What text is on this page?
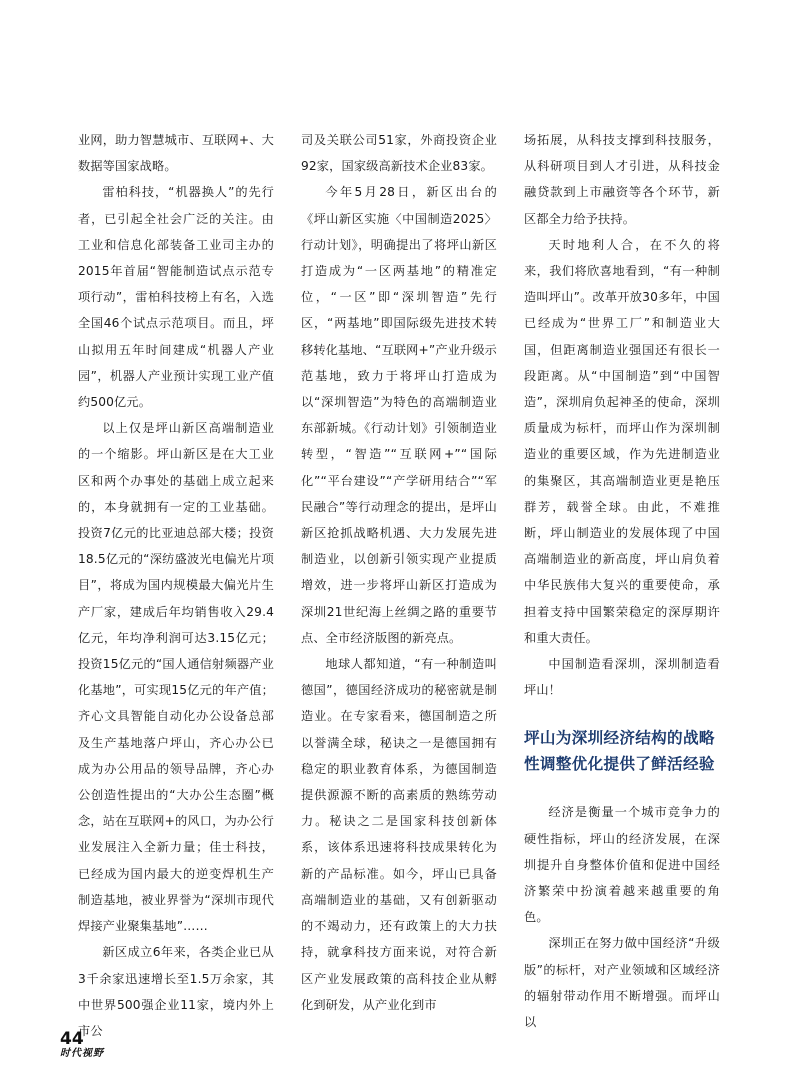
业网，助力智慧城市、互联网+、大数据等国家战略。

雷柏科技，“机器换人”的先行者，已引起全社会广泛的关注。由工业和信息化部装备工业司主办的2015年首届“智能制造试点示范专项行动”，雷柏科技榜上有名，入选全国46个试点示范项目。而且，坪山拟用五年时间建成“机器人产业园”，机器人产业预计实现工业产值约500亿元。

以上仅是坪山新区高端制造业的一个缩影。坪山新区是在大工业区和两个办事处的基础上成立起来的，本身就拥有一定的工业基础。投资7亿元的比亚迪总部大楼；投资18.5亿元的“深纺盛波光电偏光片项目”，将成为国内规模最大偏光片生产厂家，建成后年均销售收入29.4亿元，年均净利润可达3.15亿元；投资15亿元的“国人通信射频器产业化基地”，可实现15亿元的年产值；齐心文具智能自动化办公设备总部及生产基地落户坪山，齐心办公已成为办公用品的领导品牌，齐心办公创造性提出的“大办公生态圈”概念，站在互联网+的风口，为办公行业发展注入全新力量；佳士科技，已经成为国内最大的逆变焊机生产制造基地，被业界誉为“深圳市现代焊接产业聚集基地”……

新区成立6年来，各类企业已从3千余家迅速增长至1.5万余家，其中世界500强企业11家，境内外上市公

司及关联公司51家，外商投资企业92家，国家级高新技术企业83家。

今年5月28日，新区出台的《坪山新区实施〈中国制造2025〉行动计划》，明确提出了将坪山新区打造成为“一区两基地”的精准定位，“一区”即“深圳智造”先行区，“两基地”即国际级先进技术转移转化基地、“互联网+”产业升级示范基地，致力于将坪山打造成为以“深圳智造”为特色的高端制造业东部新城。《行动计划》引领制造业转型，“智造”“互联网+”“国际化”“平台建设”“产学研用结合”“军民融合”等行动理念的提出，是坪山新区抢抓战略机遇、大力发展先进制造业，以创新引领实现产业提质增效，进一步将坪山新区打造成为深圳21世纪海上丝绸之路的重要节点、全市经济版图的新亮点。

地球人都知道，“有一种制造叫德国”，德国经济成功的秘密就是制造业。在专家看来，德国制造之所以誉满全球，秘诀之一是德国拥有稳定的职业教育体系，为德国制造提供源源不断的高素质的熟练劳动力。秘诀之二是国家科技创新体系，该体系迅速将科技成果转化为新的产品标准。如今，坪山已具备高端制造业的基础，又有创新驱动的不竭动力，还有政策上的大力扶持，就拿科技方面来说，对符合新区产业发展政策的高科技企业从孵化到研发，从产业化到市

场拓展，从科技支撑到科技服务，从科研项目到人才引进，从科技金融贷款到上市融资等各个环节，新区都全力给予扶持。

天时地利人合，在不久的将来，我们将欣喜地看到，“有一种制造叫坪山”。改革开放30多年，中国已经成为“世界工厂”和制造业大国，但距离制造业强国还有很长一段距离。从“中国制造”到“中国智造”，深圳肩负起神圣的使命，深圳质量成为标杆，而坪山作为深圳制造业的重要区域，作为先进制造业的集聚区，其高端制造业更是艳压群芳，载誉全球。由此，不难推断，坪山制造业的发展体现了中国高端制造业的新高度，坪山肩负着中华民族伟大复兴的重要使命，承担着支持中国繁荣稳定的深厚期许和重大责任。

中国制造看深圳，深圳制造看坪山！

坪山为深圳经济结构的战略性调整优化提供了鲜活经验

经济是衡量一个城市竞争力的硬性指标，坪山的经济发展，在深圳提升自身整体价值和促进中国经济繁荣中扮演着越来越重要的角色。

深圳正在努力做中国经济“升级版”的标杆，对产业领域和区域经济的辐射带动作用不断增强。而坪山以

44
时代视野
